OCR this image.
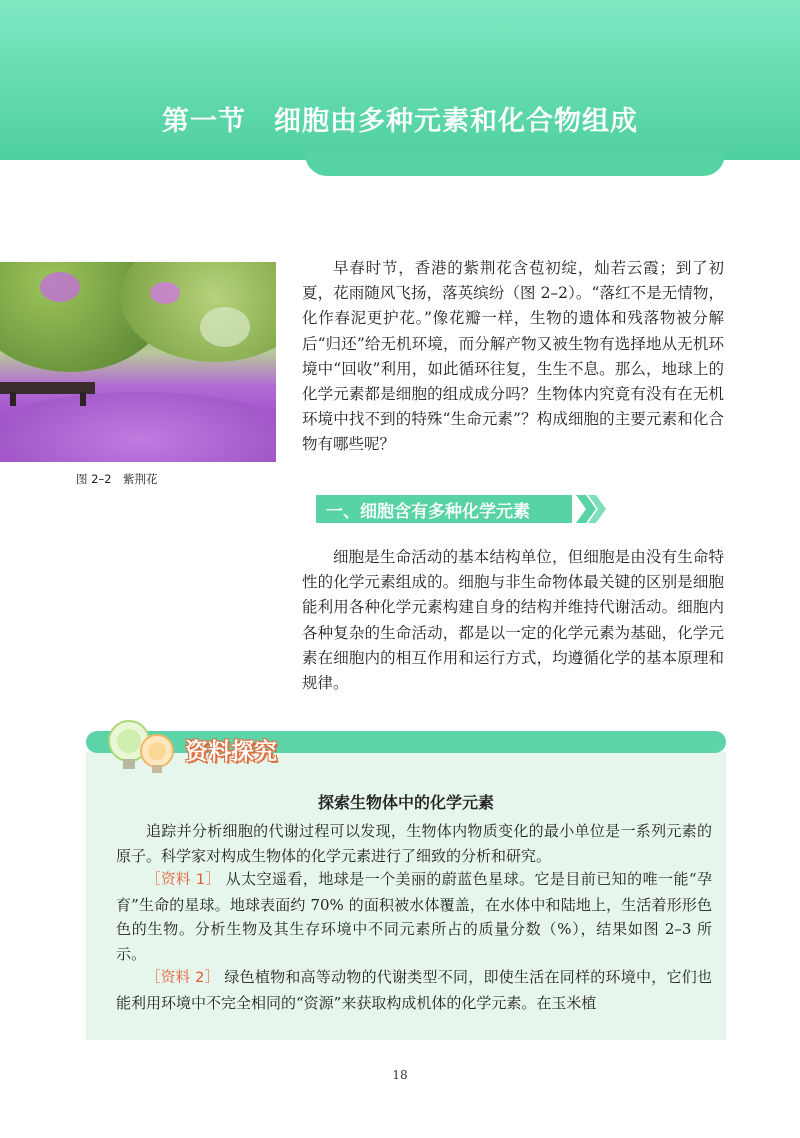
第一节　细胞由多种元素和化合物组成
图 2–2　紫荆花

早春时节，香港的紫荆花含苞初绽，灿若云霞；到了初夏，花雨随风飞扬，落英缤纷（图 2–2）。“落红不是无情物，化作春泥更护花。”像花瓣一样，生物的遗体和残落物被分解后“归还”给无机环境，而分解产物又被生物有选择地从无机环境中“回收”利用，如此循环往复，生生不息。那么，地球上的化学元素都是细胞的组成成分吗？生物体内究竟有没有在无机环境中找不到的特殊“生命元素”？构成细胞的主要元素和化合物有哪些呢？

一、细胞含有多种化学元素

细胞是生命活动的基本结构单位，但细胞是由没有生命特性的化学元素组成的。细胞与非生命物体最关键的区别是细胞能利用各种化学元素构建自身的结构并维持代谢活动。细胞内各种复杂的生命活动，都是以一定的化学元素为基础，化学元素在细胞内的相互作用和运行方式，均遵循化学的基本原理和规律。

资料探究
探索生物体中的化学元素

追踪并分析细胞的代谢过程可以发现，生物体内物质变化的最小单位是一系列元素的原子。科学家对构成生物体的化学元素进行了细致的分析和研究。

［资料 1］ 从太空遥看，地球是一个美丽的蔚蓝色星球。它是目前已知的唯一能“孕育”生命的星球。地球表面约 70% 的面积被水体覆盖，在水体中和陆地上，生活着形形色色的生物。分析生物及其生存环境中不同元素所占的质量分数（%），结果如图 2–3 所示。

［资料 2］ 绿色植物和高等动物的代谢类型不同，即使生活在同样的环境中，它们也能利用环境中不完全相同的“资源”来获取构成机体的化学元素。在玉米植

18
